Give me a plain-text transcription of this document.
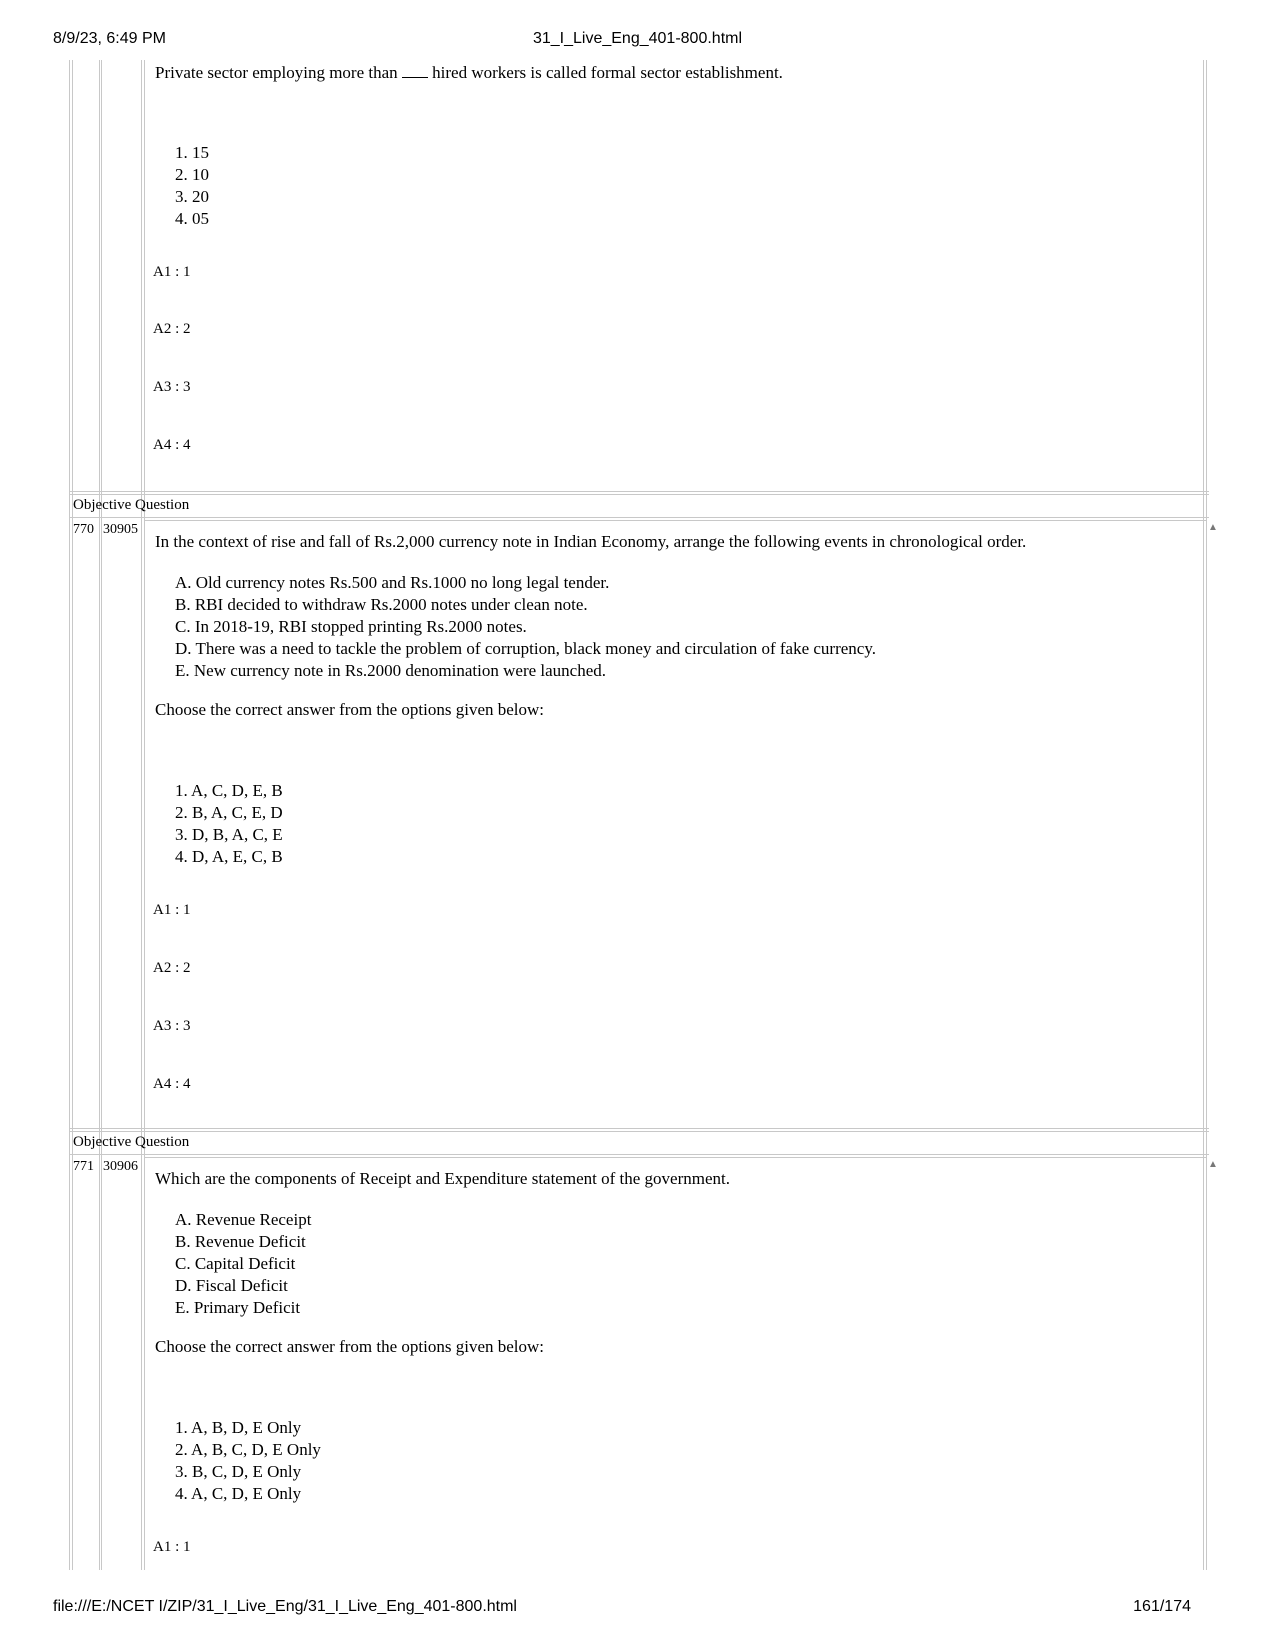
8/9/23, 6:49 PM	31_I_Live_Eng_401-800.html
Private sector employing more than hired workers is called formal sector establishment.
1. 15
2. 10
3. 20
4. 05
A1 : 1
A2 : 2
A3 : 3
A4 : 4
Objective Question
770 30905	▲
In the context of rise and fall of Rs.2,000 currency note in Indian Economy, arrange the following events in chronological order.
A. Old currency notes Rs.500 and Rs.1000 no long legal tender.
B. RBI decided to withdraw Rs.2000 notes under clean note.
C. In 2018-19, RBI stopped printing Rs.2000 notes.
D. There was a need to tackle the problem of corruption, black money and circulation of fake currency.
E. New currency note in Rs.2000 denomination were launched.
Choose the correct answer from the options given below:
1. A, C, D, E, B
2. B, A, C, E, D
3. D, B, A, C, E
4. D, A, E, C, B
A1 : 1
A2 : 2
A3 : 3
A4 : 4
Objective Question
771 30906	▲
Which are the components of Receipt and Expenditure statement of the government.
A. Revenue Receipt
B. Revenue Deficit
C. Capital Deficit
D. Fiscal Deficit
E. Primary Deficit
Choose the correct answer from the options given below:
1. A, B, D, E Only
2. A, B, C, D, E Only
3. B, C, D, E Only
4. A, C, D, E Only
A1 : 1
file:///E:/NCET I/ZIP/31_I_Live_Eng/31_I_Live_Eng_401-800.html	161/174
